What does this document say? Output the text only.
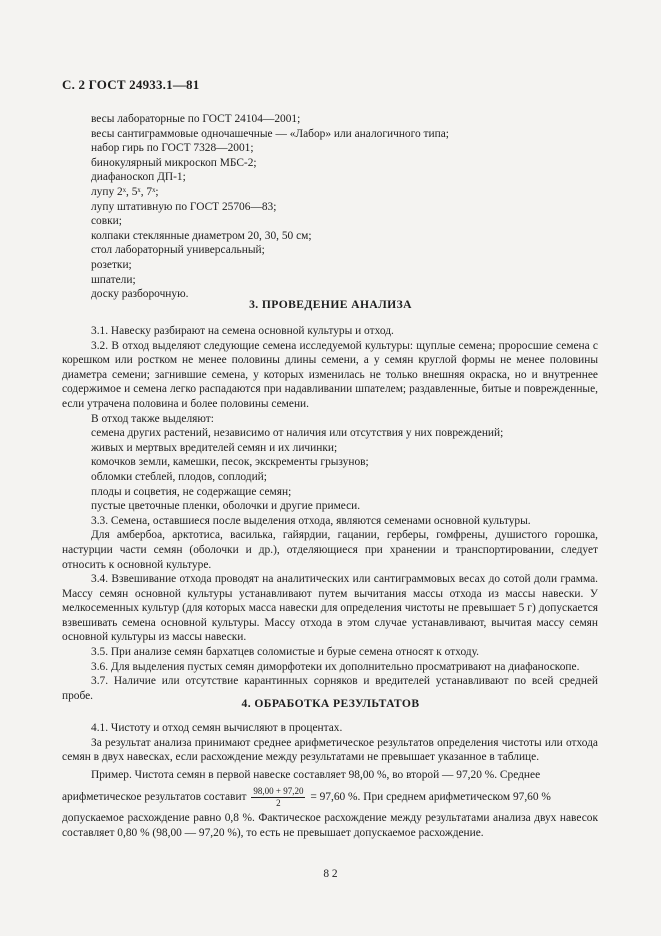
С. 2 ГОСТ 24933.1—81
весы лабораторные по ГОСТ 24104—2001;
весы сантиграммовые одночашечные — «Лабор» или аналогичного типа;
набор гирь по ГОСТ 7328—2001;
бинокулярный микроскоп МБС-2;
диафаноскоп ДП-1;
лупу 2ˣ, 5ˣ, 7ˣ;
лупу штативную по ГОСТ 25706—83;
совки;
колпаки стеклянные диаметром 20, 30, 50 см;
стол лабораторный универсальный;
розетки;
шпатели;
доску разборочную.
3. ПРОВЕДЕНИЕ АНАЛИЗА
3.1. Навеску разбирают на семена основной культуры и отход.
3.2. В отход выделяют следующие семена исследуемой культуры: щуплые семена; проросшие семена с корешком или ростком не менее половины длины семени, а у семян круглой формы не менее половины диаметра семени; загнившие семена, у которых изменилась не только внешняя окраска, но и внутреннее содержимое и семена легко распадаются при надавливании шпателем; раздавленные, битые и поврежденные, если утрачена половина и более половины семени.
В отход также выделяют:
семена других растений, независимо от наличия или отсутствия у них повреждений;
живых и мертвых вредителей семян и их личинки;
комочков земли, камешки, песок, экскременты грызунов;
обломки стеблей, плодов, соплодий;
плоды и соцветия, не содержащие семян;
пустые цветочные пленки, оболочки и другие примеси.
3.3. Семена, оставшиеся после выделения отхода, являются семенами основной культуры.
Для амбербоа, арктотиса, василька, гайярдии, гацании, герберы, гомфрены, душистого горошка, настурции части семян (оболочки и др.), отделяющиеся при хранении и транспортировании, следует относить к основной культуре.
3.4. Взвешивание отхода проводят на аналитических или сантиграммовых весах до сотой доли грамма. Массу семян основной культуры устанавливают путем вычитания массы отхода из массы навески. У мелкосеменных культур (для которых масса навески для определения чистоты не превышает 5 г) допускается взвешивать семена основной культуры. Массу отхода в этом случае устанавливают, вычитая массу семян основной культуры из массы навески.
3.5. При анализе семян бархатцев соломистые и бурые семена относят к отходу.
3.6. Для выделения пустых семян диморфотеки их дополнительно просматривают на диафаноскопе.
3.7. Наличие или отсутствие карантинных сорняков и вредителей устанавливают по всей средней пробе.
4. ОБРАБОТКА РЕЗУЛЬТАТОВ
4.1. Чистоту и отход семян вычисляют в процентах.
За результат анализа принимают среднее арифметическое результатов определения чистоты или отхода семян в двух навесках, если расхождение между результатами не превышает указанное в таблице.
Пример. Чистота семян в первой навеске составляет 98,00 %, во второй — 97,20 %. Среднее
арифметическое результатов составит $\frac{98,00 + 97,20}{2} = 97,60$ %. При среднем арифметическом 97,60 %
допускаемое расхождение равно 0,8 %. Фактическое расхождение между результатами анализа двух навесок составляет 0,80 % (98,00 — 97,20 %), то есть не превышает допускаемое расхождение.
8 2
